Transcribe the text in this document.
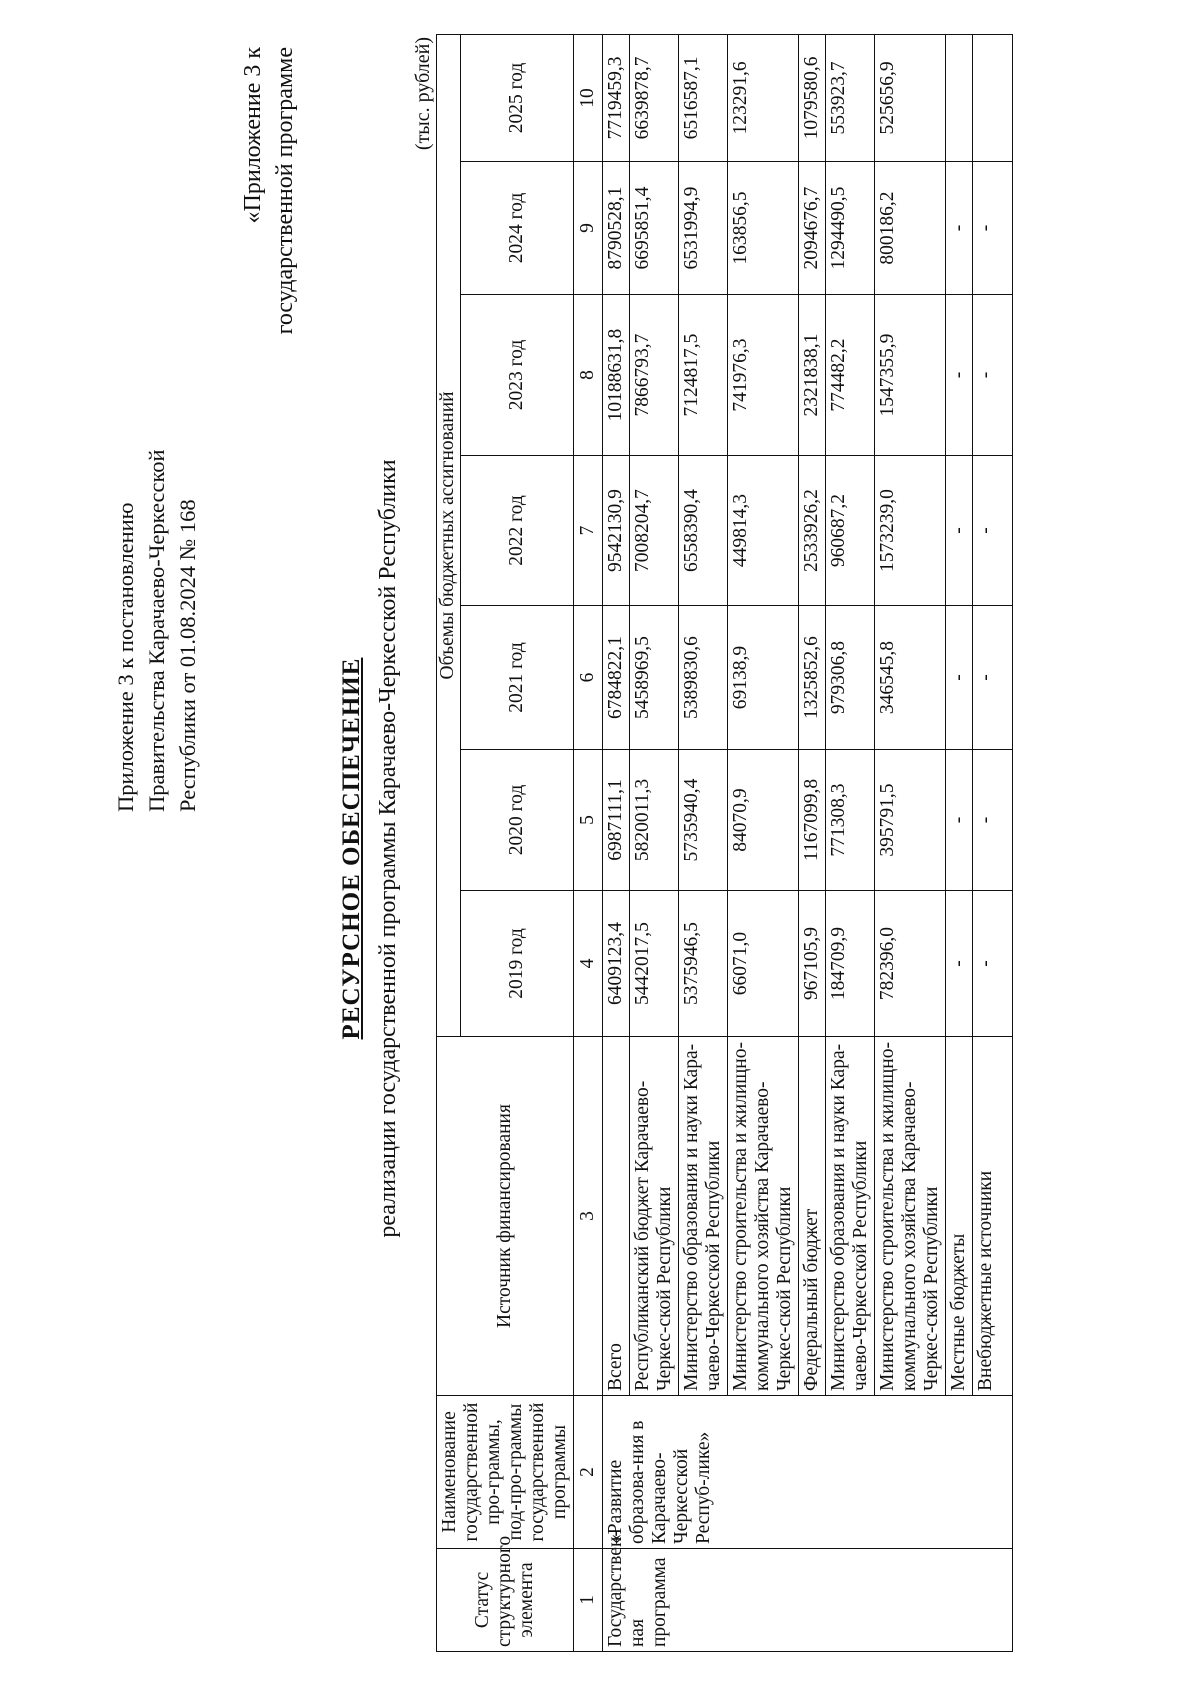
Приложение 3 к постановлению Правительства Карачаево-Черкесской Республики от 01.08.2024 № 168
«Приложение 3 к государственной программе
РЕСУРСНОЕ ОБЕСПЕЧЕНИЕ реализации государственной программы Карачаево-Черкесской Республики
(тыс. рублей)
Статус структурного элемента	Наименование государственной про-граммы, под-про-граммы государственной программы	Источник финансирования	Объемы бюджетных ассигнований						
			2019 год	2020 год	2021 год	2022 год	2023 год	2024 год	2025 год
1	2	3	4	5	6	7	8	9	10
Государствен-ная программа	«Развитие образова-ния в Карачаево-Черкесской Респуб-лике»	Всего	6409123,4	6987111,1	6784822,1	9542130,9	10188631,8	8790528,1	7719459,3
		Республиканский бюджет Карачаево-Черкес-ской Республики	5442017,5	5820011,3	5458969,5	7008204,7	7866793,7	6695851,4	6639878,7
		Министерство образования и науки Кара-чаево-Черкесской Республики	5375946,5	5735940,4	5389830,6	6558390,4	7124817,5	6531994,9	6516587,1
		Министерство строительства и жилищно-коммунального хозяйства Карачаево-Черкес-ской Республики	66071,0	84070,9	69138,9	449814,3	741976,3	163856,5	123291,6
		Федеральный бюджет	967105,9	1167099,8	1325852,6	2533926,2	2321838,1	2094676,7	1079580,6
		Министерство образования и науки Кара-чаево-Черкесской Республики	184709,9	771308,3	979306,8	960687,2	774482,2	1294490,5	553923,7
		Министерство строительства и жилищно-коммунального хозяйства Карачаево-Черкес-ской Республики	782396,0	395791,5	346545,8	1573239,0	1547355,9	800186,2	525656,9
		Местные бюджеты	-	-	-	-	-	-	
		Внебюджетные источники	-	-	-	-	-	-	
